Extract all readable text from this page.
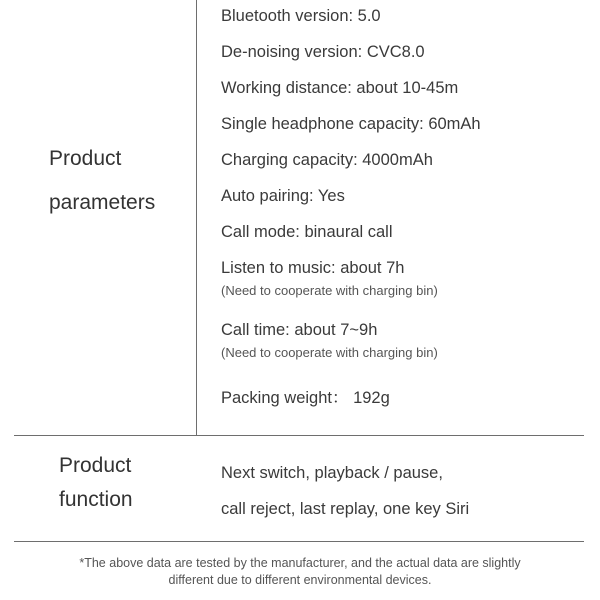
Product
parameters
Bluetooth version: 5.0
De-noising version: CVC8.0
Working distance: about 10-45m
Single headphone capacity: 60mAh
Charging capacity: 4000mAh
Auto pairing: Yes
Call mode: binaural call
Listen to music: about 7h
(Need to cooperate with charging bin)
Call time: about 7~9h
(Need to cooperate with charging bin)
Packing weight： 192g
Product
function
Next switch, playback / pause,
call reject, last replay, one key Siri
*The above data are tested by the manufacturer, and the actual data are slightly
different due to different environmental devices.
